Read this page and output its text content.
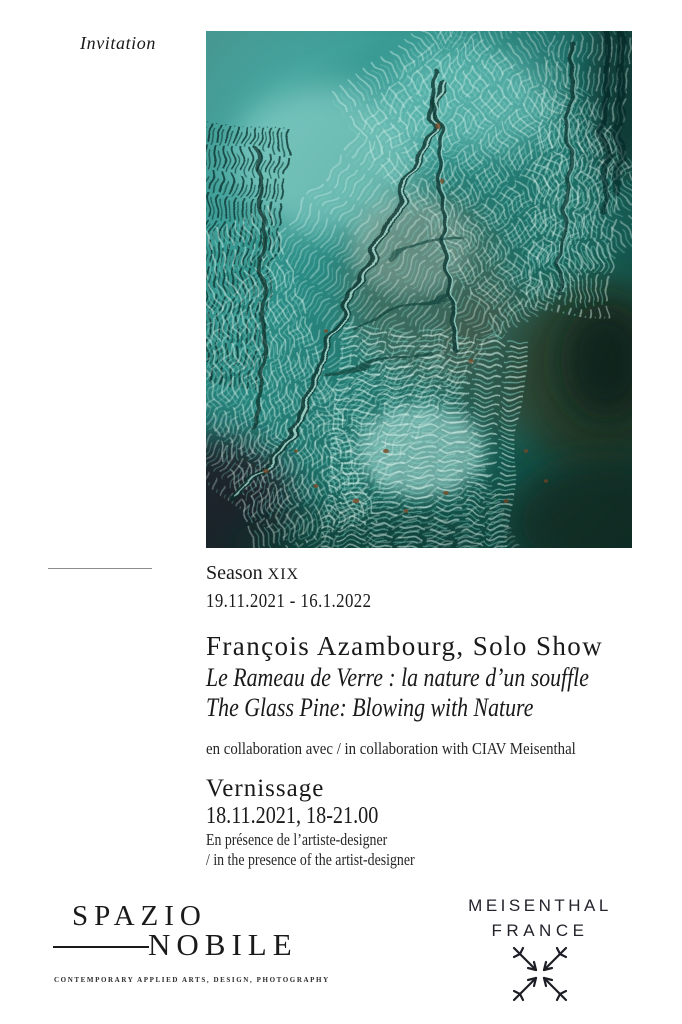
Invitation
Season XIX
19.11.2021 - 16.1.2022
François Azambourg, Solo Show
Le Rameau de Verre : la nature d’un souffle
The Glass Pine: Blowing with Nature
en collaboration avec / in collaboration with CIAV Meisenthal
Vernissage
18.11.2021, 18-21.00
En présence de l’artiste-designer
/ in the presence of the artist-designer
SPAZIO
NOBILE
CONTEMPORARY APPLIED ARTS, DESIGN, PHOTOGRAPHY
MEISENTHAL
FRANCE
